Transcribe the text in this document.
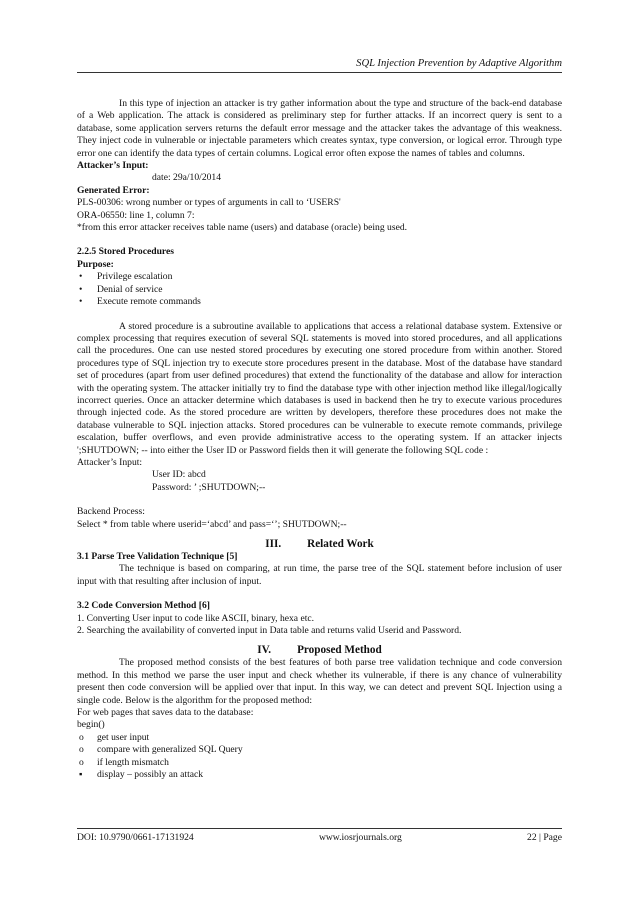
SQL Injection Prevention by Adaptive Algorithm

In this type of injection an attacker is try gather information about the type and structure of the back-end database of a Web application. The attack is considered as preliminary step for further attacks. If an incorrect query is sent to a database, some application servers returns the default error message and the attacker takes the advantage of this weakness. They inject code in vulnerable or injectable parameters which creates syntax, type conversion, or logical error. Through type error one can identify the data types of certain columns. Logical error often expose the names of tables and columns.

Attacker’s Input:

date: 29a/10/2014

Generated Error:

PLS-00306: wrong number or types of arguments in call to ‘USERS'

ORA-06550: line 1, column 7:

*from this error attacker receives table name (users) and database (oracle) being used.

2.2.5 Stored Procedures

Purpose:

• Privilege escalation
• Denial of service
• Execute remote commands

A stored procedure is a subroutine available to applications that access a relational database system. Extensive or complex processing that requires execution of several SQL statements is moved into stored procedures, and all applications call the procedures. One can use nested stored procedures by executing one stored procedure from within another. Stored procedures type of SQL injection try to execute store procedures present in the database. Most of the database have standard set of procedures (apart from user defined procedures) that extend the functionality of the database and allow for interaction with the operating system. The attacker initially try to find the database type with other injection method like illegal/logically incorrect queries. Once an attacker determine which databases is used in backend then he try to execute various procedures through injected code. As the stored procedure are written by developers, therefore these procedures does not make the database vulnerable to SQL injection attacks. Stored procedures can be vulnerable to execute remote commands, privilege escalation, buffer overflows, and even provide administrative access to the operating system. If an attacker injects ';SHUTDOWN; -- into either the User ID or Password fields then it will generate the following SQL code :

Attacker’s Input:

User ID: abcd

Password: ’ ;SHUTDOWN;--

Backend Process:

Select * from table where userid=‘abcd’ and pass=‘’; SHUTDOWN;--

III. Related Work

3.1 Parse Tree Validation Technique [5]

The technique is based on comparing, at run time, the parse tree of the SQL statement before inclusion of user input with that resulting after inclusion of input.

3.2 Code Conversion Method [6]

1. Converting User input to code like ASCII, binary, hexa etc.

2. Searching the availability of converted input in Data table and returns valid Userid and Password.

IV. Proposed Method

The proposed method consists of the best features of both parse tree validation technique and code conversion method. In this method we parse the user input and check whether its vulnerable, if there is any chance of vulnerability present then code conversion will be applied over that input. In this way, we can detect and prevent SQL Injection using a single code. Below is the algorithm for the proposed method:

For web pages that saves data to the database:

begin()

o get user input
o compare with generalized SQL Query
o if length mismatch
▪ display – possibly an attack
DOI: 10.9790/0661-17131924	www.iosrjournals.org	22 | Page
